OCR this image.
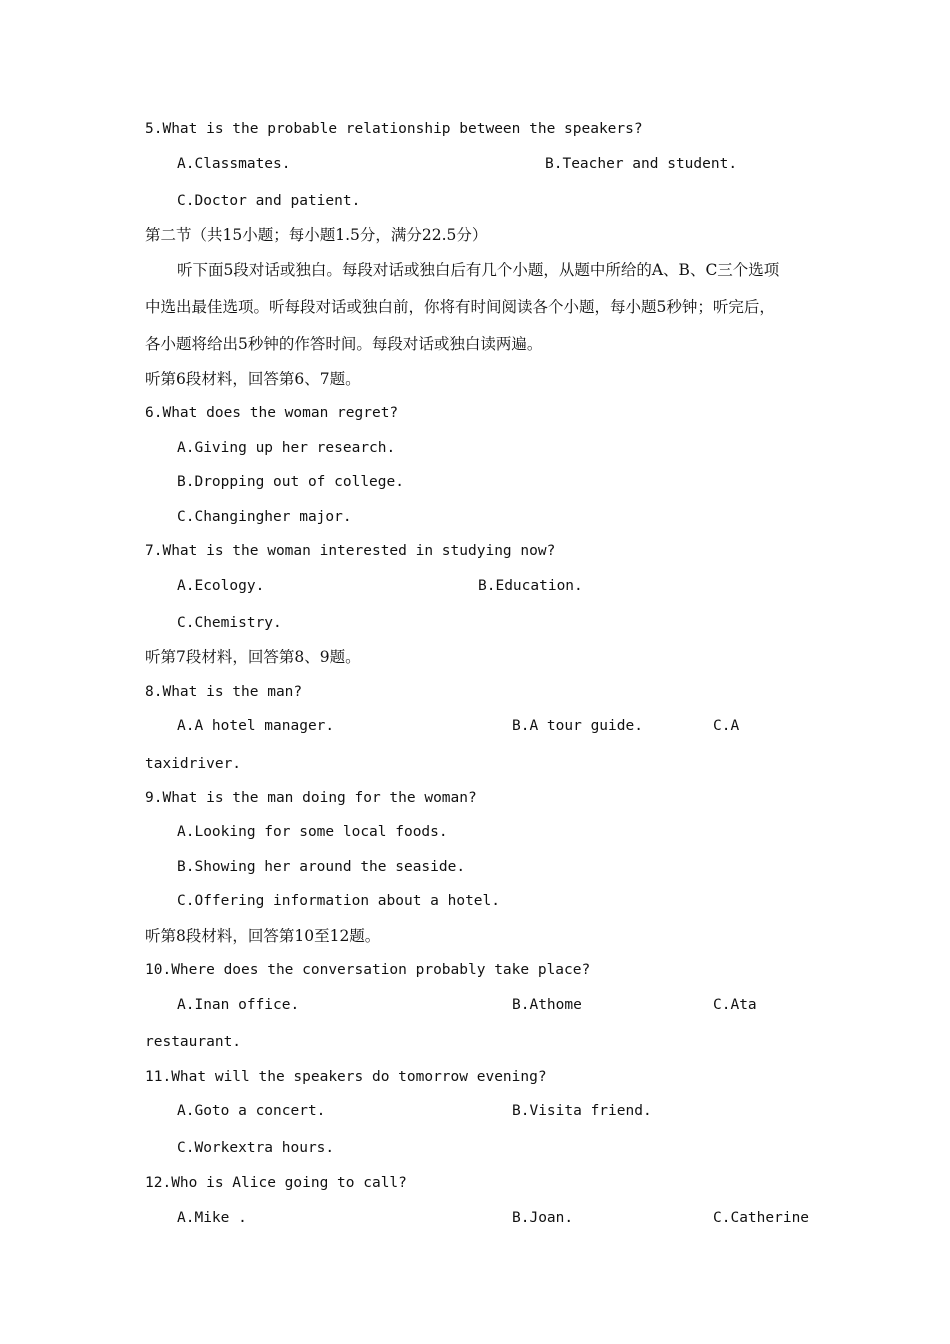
5.What is the probable relationship between the speakers?
A.Classmates.	B.Teacher and student.
C.Doctor and patient.
第二节（共15小题；每小题1.5分，满分22.5分）
听下面5段对话或独白。每段对话或独白后有几个小题，从题中所给的A、B、C三个选项
中选出最佳选项。听每段对话或独白前，你将有时间阅读各个小题，每小题5秒钟；听完后，
各小题将给出5秒钟的作答时间。每段对话或独白读两遍。
听第6段材料，回答第6、7题。
6.What does the woman regret?
A.Giving up her research.
B.Dropping out of college.
C.Changingher major.
7.What is the woman interested in studying now?
A.Ecology.	B.Education.
C.Chemistry.
听第7段材料，回答第8、9题。
8.What is the man?
A.A hotel manager.	B.A tour guide.	C.A
taxidriver.
9.What is the man doing for the woman?
A.Looking for some local foods.
B.Showing her around the seaside.
C.Offering information about a hotel.
听第8段材料，回答第10至12题。
10.Where does the conversation probably take place?
A.Inan office.	B.Athome	C.Ata
restaurant.
11.What will the speakers do tomorrow evening?
A.Goto a concert.	B.Visita friend.
C.Workextra hours.
12.Who is Alice going to call?
A.Mike .	B.Joan.	C.Catherine
